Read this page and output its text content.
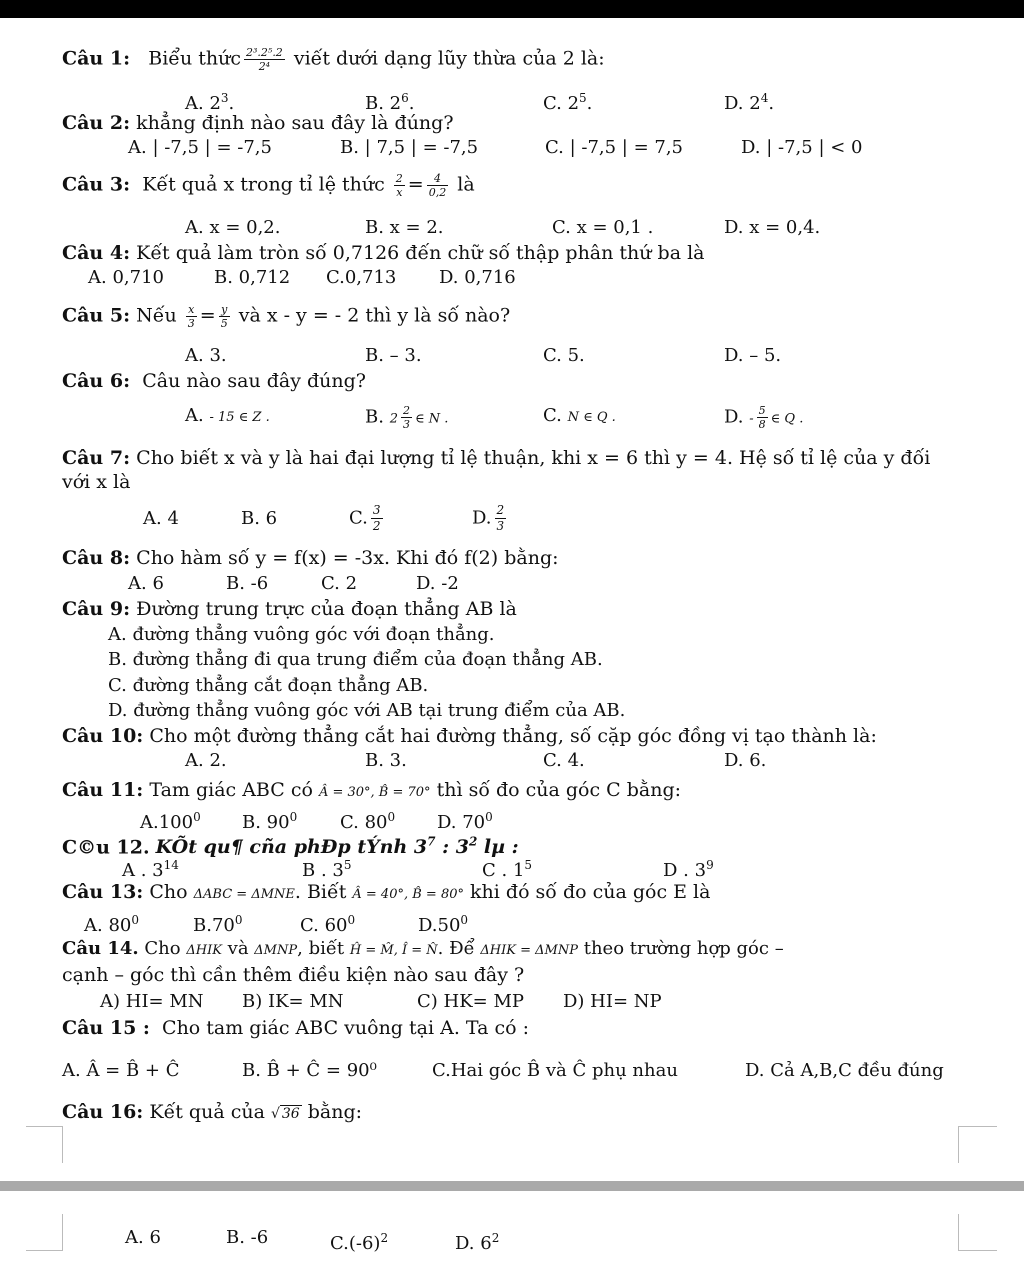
Câu 1: Biểu thức $\frac{\text{2³.2⁵.2}}{\text{2⁴}}$ viết dưới dạng lũy thừa của 2 là:
A. $2^3$.	B. $2^6$.	C. $2^5$.	D. $2^4$.
Câu 2: khẳng định nào sau đây là đúng?
A. | -7,5 | = -7,5	B. | 7,5 | = -7,5	C. | -7,5 | = 7,5	D. | -7,5 | < 0
Câu 3: Kết quả x trong tỉ lệ thức $\frac{2}{x} = \frac{4}{0,2}$ là
A. x = 0,2.	B. x = 2.	C. x = 0,1 .	D. x = 0,4.
Câu 4: Kết quả làm tròn số 0,7126 đến chữ số thập phân thứ ba là
A. 0,710	B. 0,712 C.0,713 D. 0,716
Câu 5: Nếu $\frac{x}{3} = \frac{y}{5}$ và x - y = - 2 thì y là số nào?
A. 3.	B. – 3.	C. 5.	D. – 5.
Câu 6: Câu nào sau đây đúng?
A. - 15 ∈ Z .	B. $2 \frac{2}{3}$ ∈ N .	C. N ∈ Q .	D. - $\frac{5}{8}$ ∈ Q .
Câu 7: Cho biết x và y là hai đại lượng tỉ lệ thuận, khi x = 6 thì y = 4. Hệ số tỉ lệ của y đối
với x là
A. 4	B. 6	C. $\frac{3}{2}$	D. $\frac{2}{3}$
Câu 8: Cho hàm số y = f(x) = -3x. Khi đó f(2) bằng:
A. 6	B. -6	C. 2	D. -2
Câu 9: Đường trung trực của đoạn thẳng AB là
A. đường thẳng vuông góc với đoạn thẳng.
B. đường thẳng đi qua trung điểm của đoạn thẳng AB.
C. đường thẳng cắt đoạn thẳng AB.
D. đường thẳng vuông góc với AB tại trung điểm của AB.
Câu 10: Cho một đường thẳng cắt hai đường thẳng, số cặp góc đồng vị tạo thành là:
A. 2.	B. 3.	C. 4.	D. 6.
Câu 11: Tam giác ABC có Â = 30°, B̂ = 70° thì số đo của góc C bằng:
A.100$^0$ B. $90^0$ C. $80^0$ D. $70^0$
C©u 12. KÕt qu¶ cña phÐp tÝnh $3^7$ : $3^2$ lµ :
A . $3^{14}$	B . $3^5$	C . $1^5$	D . $3^9$
Câu 13: Cho ΔABC = ΔMNE. Biết Â = 40°, B̂ = 80° khi đó số đo của góc E là
A. $80^0$	$B.70^0$	C. $60^0$	$D.50^0$
Câu 14. Cho ΔHIK và ΔMNP, biết Ĥ = M̂, Î = N̂. Để ΔHIK = ΔMNP theo trường hợp góc –
cạnh – góc thì cần thêm điều kiện nào sau đây ?
A) HI= MN B) IK= MN	C) HK= MP D) HI= NP
Câu 15 : Cho tam giác ABC vuông tại A. Ta có :
A. Â = B̂ + Ĉ	B. B̂ + Ĉ = 90⁰	C.Hai góc B̂ và Ĉ phụ nhau	D. Cả A,B,C đều đúng
Câu 16: Kết quả của √ 36 bằng:
A. 6	B. -6	$C.(-6)^2$	D. $6^2$
